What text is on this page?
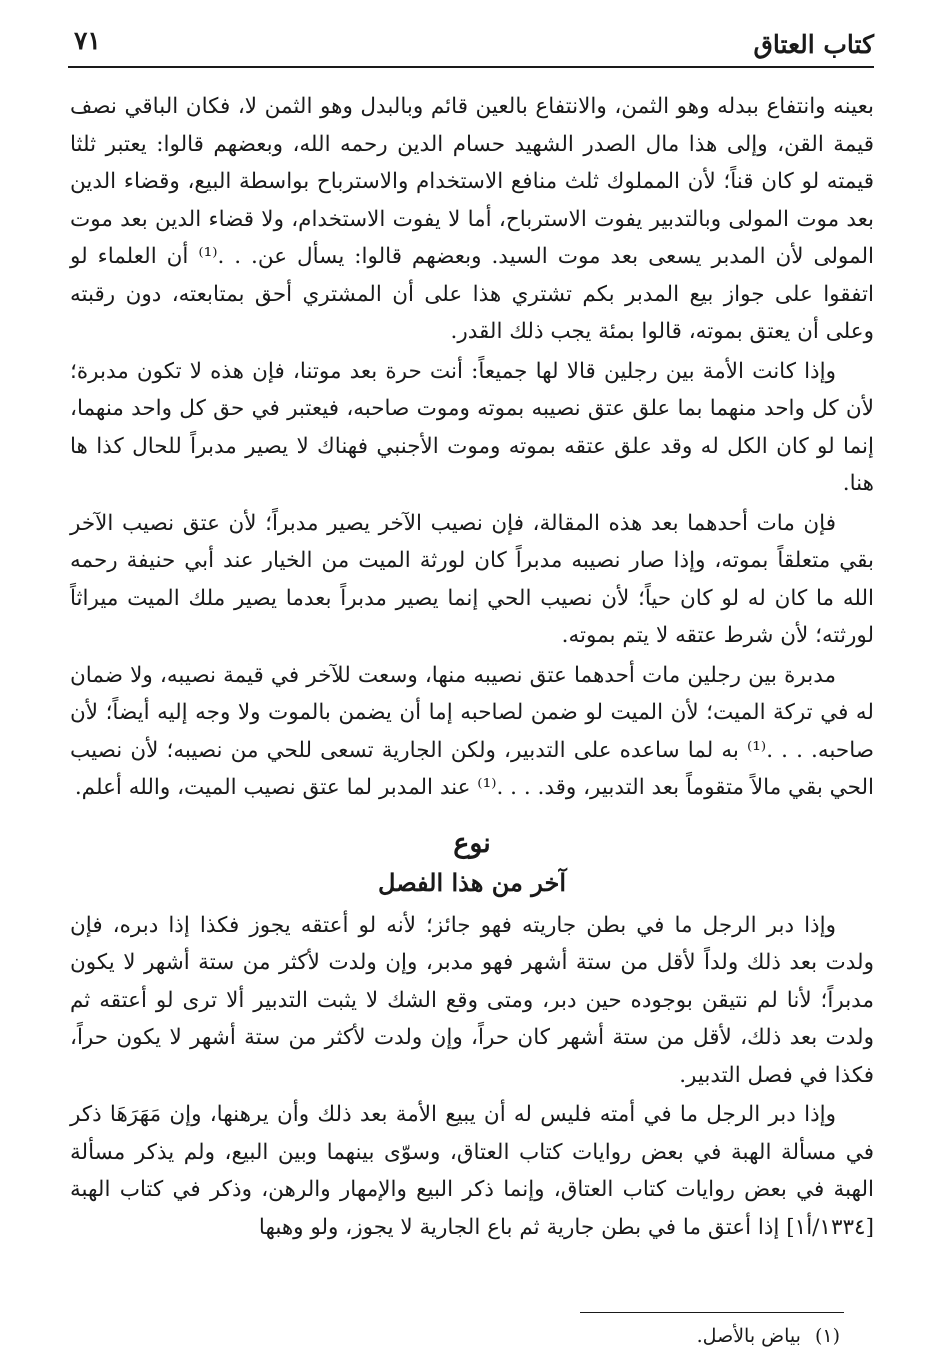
كتاب العتاق
٧١

بعينه وانتفاع ببدله وهو الثمن، والانتفاع بالعين قائم وبالبدل وهو الثمن لا، فكان الباقي نصف قيمة القن، وإلى هذا مال الصدر الشهيد حسام الدين رحمه الله، وبعضهم قالوا: يعتبر ثلثا قيمته لو كان قناً؛ لأن المملوك ثلث منافع الاستخدام والاسترباح بواسطة البيع، وقضاء الدين بعد موت المولى وبالتدبير يفوت الاسترباح، أما لا يفوت الاستخدام، ولا قضاء الدين بعد موت المولى لأن المدبر يسعى بعد موت السيد. وبعضهم قالوا: يسأل عن. . .⁽¹⁾ أن العلماء لو اتفقوا على جواز بيع المدبر بكم تشتري هذا على أن المشتري أحق بمتابعته، دون رقبته وعلى أن يعتق بموته، قالوا بمئة يجب ذلك القدر.

وإذا كانت الأمة بين رجلين قالا لها جميعاً: أنت حرة بعد موتنا، فإن هذه لا تكون مدبرة؛ لأن كل واحد منهما بما علق عتق نصيبه بموته وموت صاحبه، فيعتبر في حق كل واحد منهما، إنما لو كان الكل له وقد علق عتقه بموته وموت الأجنبي فهناك لا يصير مدبراً للحال كذا ها هنا.

فإن مات أحدهما بعد هذه المقالة، فإن نصيب الآخر يصير مدبراً؛ لأن عتق نصيب الآخر بقي متعلقاً بموته، وإذا صار نصيبه مدبراً كان لورثة الميت من الخيار عند أبي حنيفة رحمه الله ما كان له لو كان حياً؛ لأن نصيب الحي إنما يصير مدبراً بعدما يصير ملك الميت ميراثاً لورثته؛ لأن شرط عتقه لا يتم بموته.

مدبرة بين رجلين مات أحدهما عتق نصيبه منها، وسعت للآخر في قيمة نصيبه، ولا ضمان له في تركة الميت؛ لأن الميت لو ضمن لصاحبه إما أن يضمن بالموت ولا وجه إليه أيضاً؛ لأن صاحبه. . . .⁽¹⁾ به لما ساعده على التدبير، ولكن الجارية تسعى للحي من نصيبه؛ لأن نصيب الحي بقي مالاً متقوماً بعد التدبير، وقد. . . .⁽¹⁾ عند المدبر لما عتق نصيب الميت، والله أعلم.

نوع
آخر من هذا الفصل

وإذا دبر الرجل ما في بطن جاريته فهو جائز؛ لأنه لو أعتقه يجوز فكذا إذا دبره، فإن ولدت بعد ذلك ولداً لأقل من ستة أشهر فهو مدبر، وإن ولدت لأكثر من ستة أشهر لا يكون مدبراً؛ لأنا لم نتيقن بوجوده حين دبر، ومتى وقع الشك لا يثبت التدبير ألا ترى لو أعتقه ثم ولدت بعد ذلك، لأقل من ستة أشهر كان حراً، وإن ولدت لأكثر من ستة أشهر لا يكون حراً، فكذا في فصل التدبير.

وإذا دبر الرجل ما في أمته فليس له أن يبيع الأمة بعد ذلك وأن يرهنها، وإن مَهَرَهَا ذكر في مسألة الهبة في بعض روايات كتاب العتاق، وسوّى بينهما وبين البيع، ولم يذكر مسألة الهبة في بعض روايات كتاب العتاق، وإنما ذكر البيع والإمهار والرهن، وذكر في كتاب الهبة [١٣٣٤/أ١] إذا أعتق ما في بطن جارية ثم باع الجارية لا يجوز، ولو وهبها

(١)بياض بالأصل.
